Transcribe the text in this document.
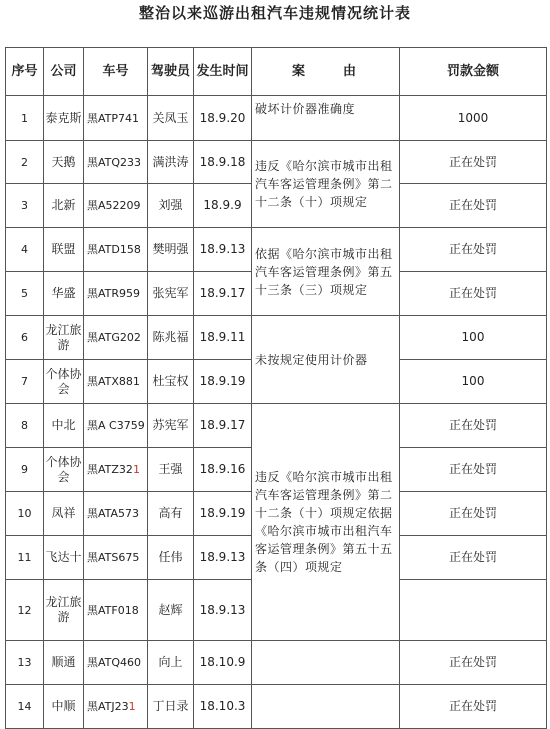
整治以来巡游出租汽车违规情况统计表
序号	公司	车号	驾驶员	发生时间	案由	罚款金额	
1	泰克斯	黑ATP741	关凤玉	18.9.20	破坏计价器准确度	1000	
2	天鹅	黑ATQ233	满洪涛	18.9.18	违反《哈尔滨市城市出租汽车客运管理条例》第二十二条（十）项规定	正在处罚	
3	北新	黑A52209	刘强	18.9.9		正在处罚	
4	联盟	黑ATD158	樊明强	18.9.13	依据《哈尔滨市城市出租汽车客运管理条例》第五十三条（三）项规定	正在处罚	
5	华盛	黑ATR959	张宪军	18.9.17		正在处罚	
6	龙江旅游	黑ATG202	陈兆福	18.9.11	未按规定使用计价器	100	
7	个体协会	黑ATX881	杜宝权	18.9.19		100	
8	中北	黑A C3759	苏宪军	18.9.17	违反《哈尔滨市城市出租汽车客运管理条例》第二十二条（十）项规定依据《哈尔滨市城市出租汽车客运管理条例》第五十五条（四）项规定	正在处罚	
9	个体协会	黑ATZ321	王强	18.9.16		正在处罚	
10	凤祥	黑ATA573	高有	18.9.19		正在处罚	
11	飞达十	黑ATS675	任伟	18.9.13		正在处罚	
12	龙江旅游	黑ATF018	赵辉	18.9.13		
13	顺通	黑ATQ460	向上	18.10.9		正在处罚	
14	中顺	黑ATJ231	丁日录	18.10.3		正在处罚	
